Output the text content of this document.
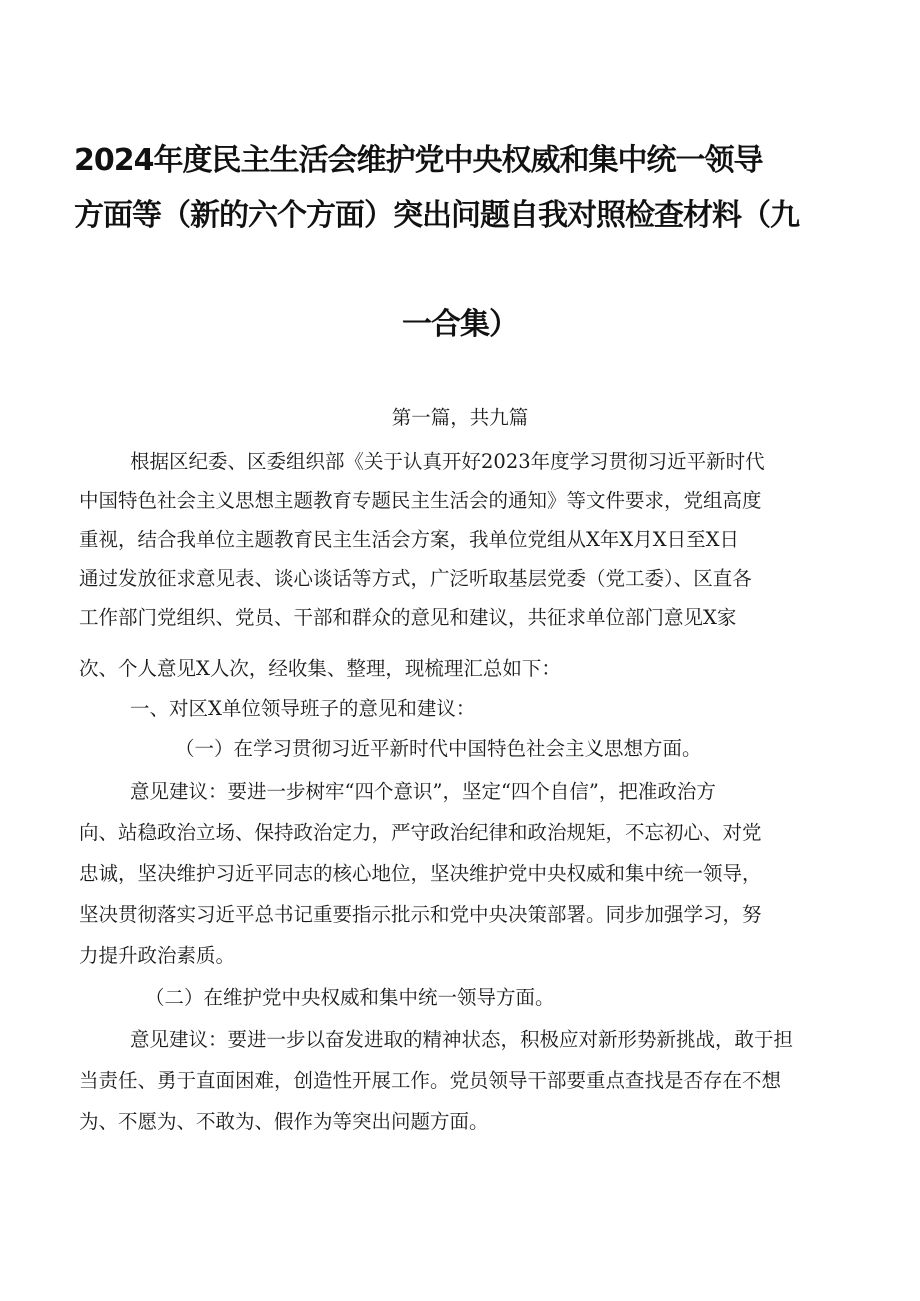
2024年度民主生活会维护党中央权威和集中统一领导
方面等（新的六个方面）突出问题自我对照检查材料（九
一合集）
第一篇，共九篇
根据区纪委、区委组织部《关于认真开好2023年度学习贯彻习近平新时代
中国特色社会主义思想主题教育专题民主生活会的通知》等文件要求，党组高度
重视，结合我单位主题教育民主生活会方案，我单位党组从X年X月X日至X日
通过发放征求意见表、谈心谈话等方式，广泛听取基层党委（党工委）、区直各
工作部门党组织、党员、干部和群众的意见和建议，共征求单位部门意见X家
次、个人意见X人次，经收集、整理，现梳理汇总如下：
一、对区X单位领导班子的意见和建议：
（一）在学习贯彻习近平新时代中国特色社会主义思想方面。
意见建议：要进一步树牢“四个意识”，坚定“四个自信”，把准政治方
向、站稳政治立场、保持政治定力，严守政治纪律和政治规矩，不忘初心、对党
忠诚，坚决维护习近平同志的核心地位，坚决维护党中央权威和集中统一领导，
坚决贯彻落实习近平总书记重要指示批示和党中央决策部署。同步加强学习，努
力提升政治素质。
（二）在维护党中央权威和集中统一领导方面。
意见建议：要进一步以奋发进取的精神状态，积极应对新形势新挑战，敢于担
当责任、勇于直面困难，创造性开展工作。党员领导干部要重点查找是否存在不想
为、不愿为、不敢为、假作为等突出问题方面。
